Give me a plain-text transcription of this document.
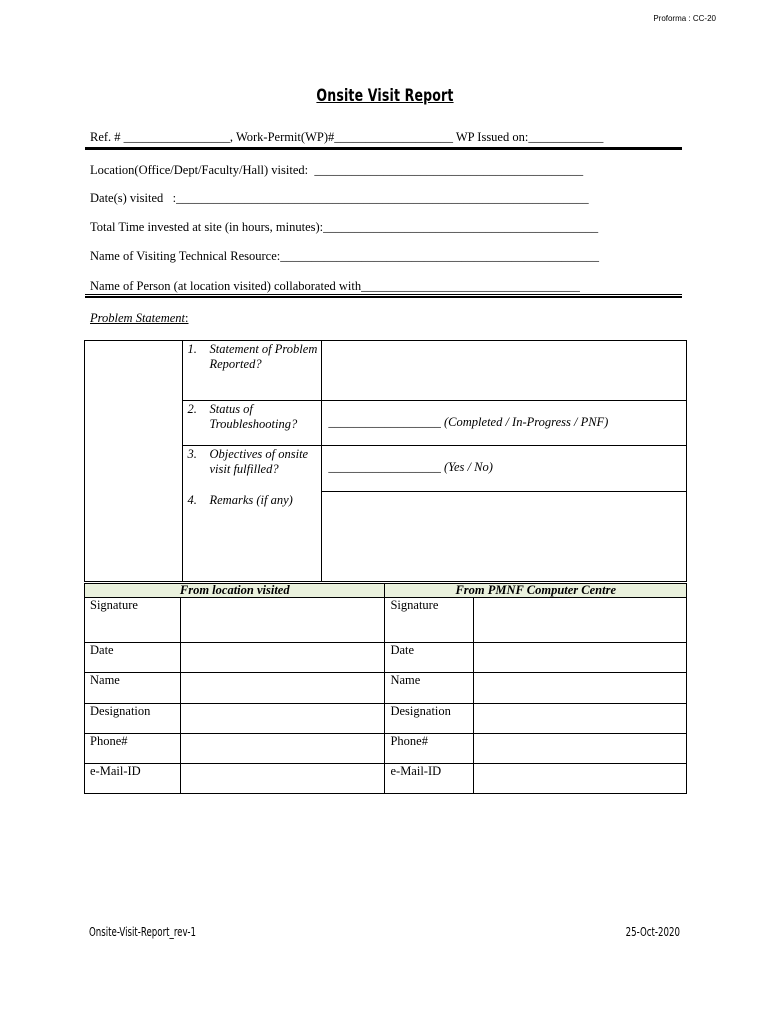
Proforma : CC-20
Onsite Visit Report
Ref. # _________________, Work-Permit(WP)#___________________ WP Issued on:____________
Location(Office/Dept/Faculty/Hall) visited:  ___________________________________________
Date(s) visited   :__________________________________________________________________
Total Time invested at site (in hours, minutes):____________________________________________
Name of Visiting Technical Resource:___________________________________________________
Name of Person (at location visited) collaborated with___________________________________
Problem Statement:

	1. Statement of Problem Reported?	

	2. Status of Troubleshooting?	__________________ (Completed / In-Progress / PNF)

	3. Objectives of onsite visit fulfilled?	__________________ (Yes / No)

	4. Remarks (if any)	

From location visited		From PMNF Computer Centre	
Signature		Signature	
Date		Date	
Name		Name	
Designation		Designation	
Phone#		Phone#	
e-Mail-ID		e-Mail-ID	
Onsite-Visit-Report_rev-1	25-Oct-2020
